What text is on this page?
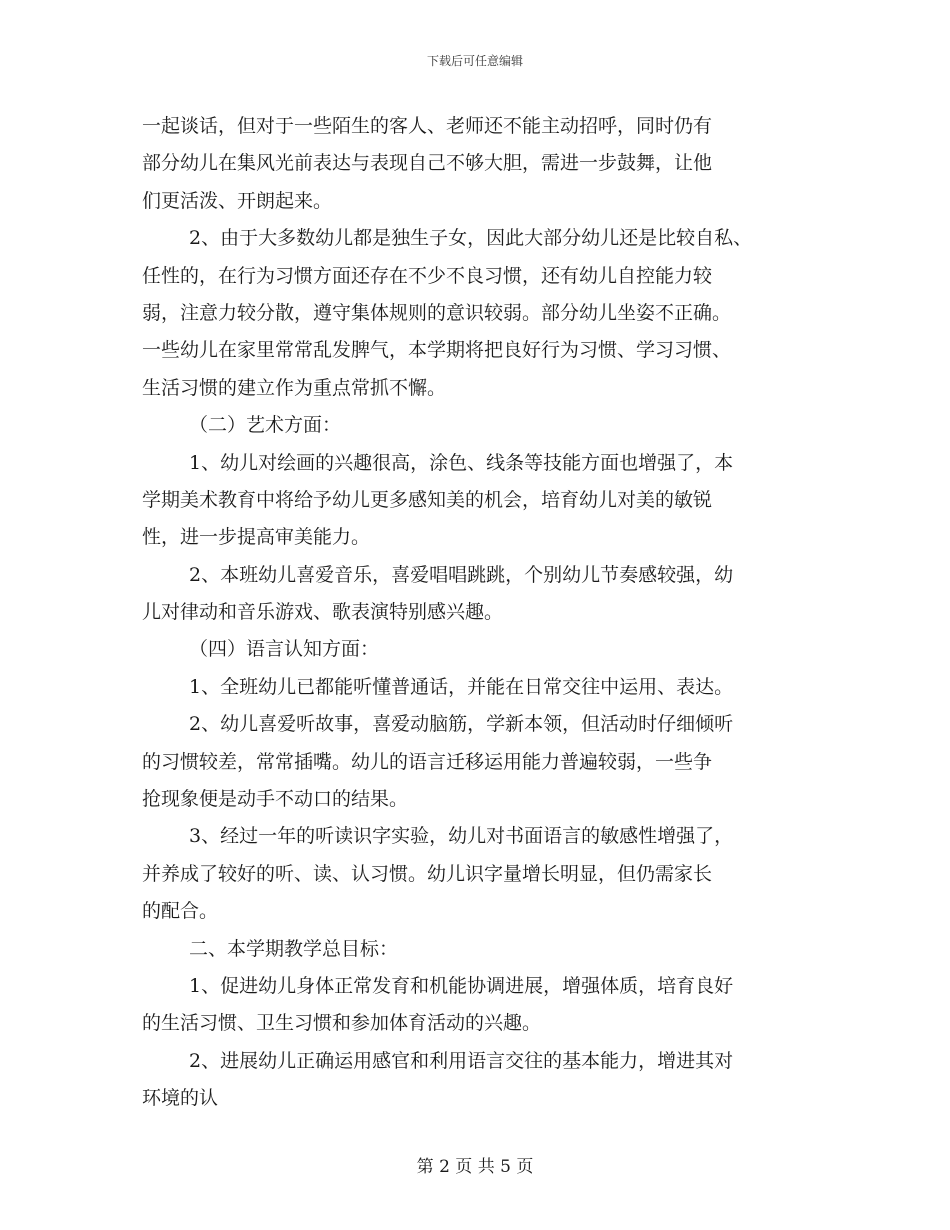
下载后可任意编辑
一起谈话，但对于一些陌生的客人、老师还不能主动招呼，同时仍有
部分幼儿在集风光前表达与表现自己不够大胆，需进一步鼓舞，让他
们更活泼、开朗起来。
2、由于大多数幼儿都是独生子女，因此大部分幼儿还是比较自私、
任性的，在行为习惯方面还存在不少不良习惯，还有幼儿自控能力较
弱，注意力较分散，遵守集体规则的意识较弱。部分幼儿坐姿不正确。
一些幼儿在家里常常乱发脾气，本学期将把良好行为习惯、学习习惯、
生活习惯的建立作为重点常抓不懈。
（二）艺术方面：
1、幼儿对绘画的兴趣很高，涂色、线条等技能方面也增强了，本
学期美术教育中将给予幼儿更多感知美的机会，培育幼儿对美的敏锐
性，进一步提高审美能力。
2、本班幼儿喜爱音乐，喜爱唱唱跳跳，个别幼儿节奏感较强，幼
儿对律动和音乐游戏、歌表演特别感兴趣。
（四）语言认知方面：
1、全班幼儿已都能听懂普通话，并能在日常交往中运用、表达。
2、幼儿喜爱听故事，喜爱动脑筋，学新本领，但活动时仔细倾听
的习惯较差，常常插嘴。幼儿的语言迁移运用能力普遍较弱，一些争
抢现象便是动手不动口的结果。
3、经过一年的听读识字实验，幼儿对书面语言的敏感性增强了，
并养成了较好的听、读、认习惯。幼儿识字量增长明显，但仍需家长
的配合。
二、本学期教学总目标：
1、促进幼儿身体正常发育和机能协调进展，增强体质，培育良好
的生活习惯、卫生习惯和参加体育活动的兴趣。
2、进展幼儿正确运用感官和利用语言交往的基本能力，增进其对
环境的认
第 2 页 共 5 页
